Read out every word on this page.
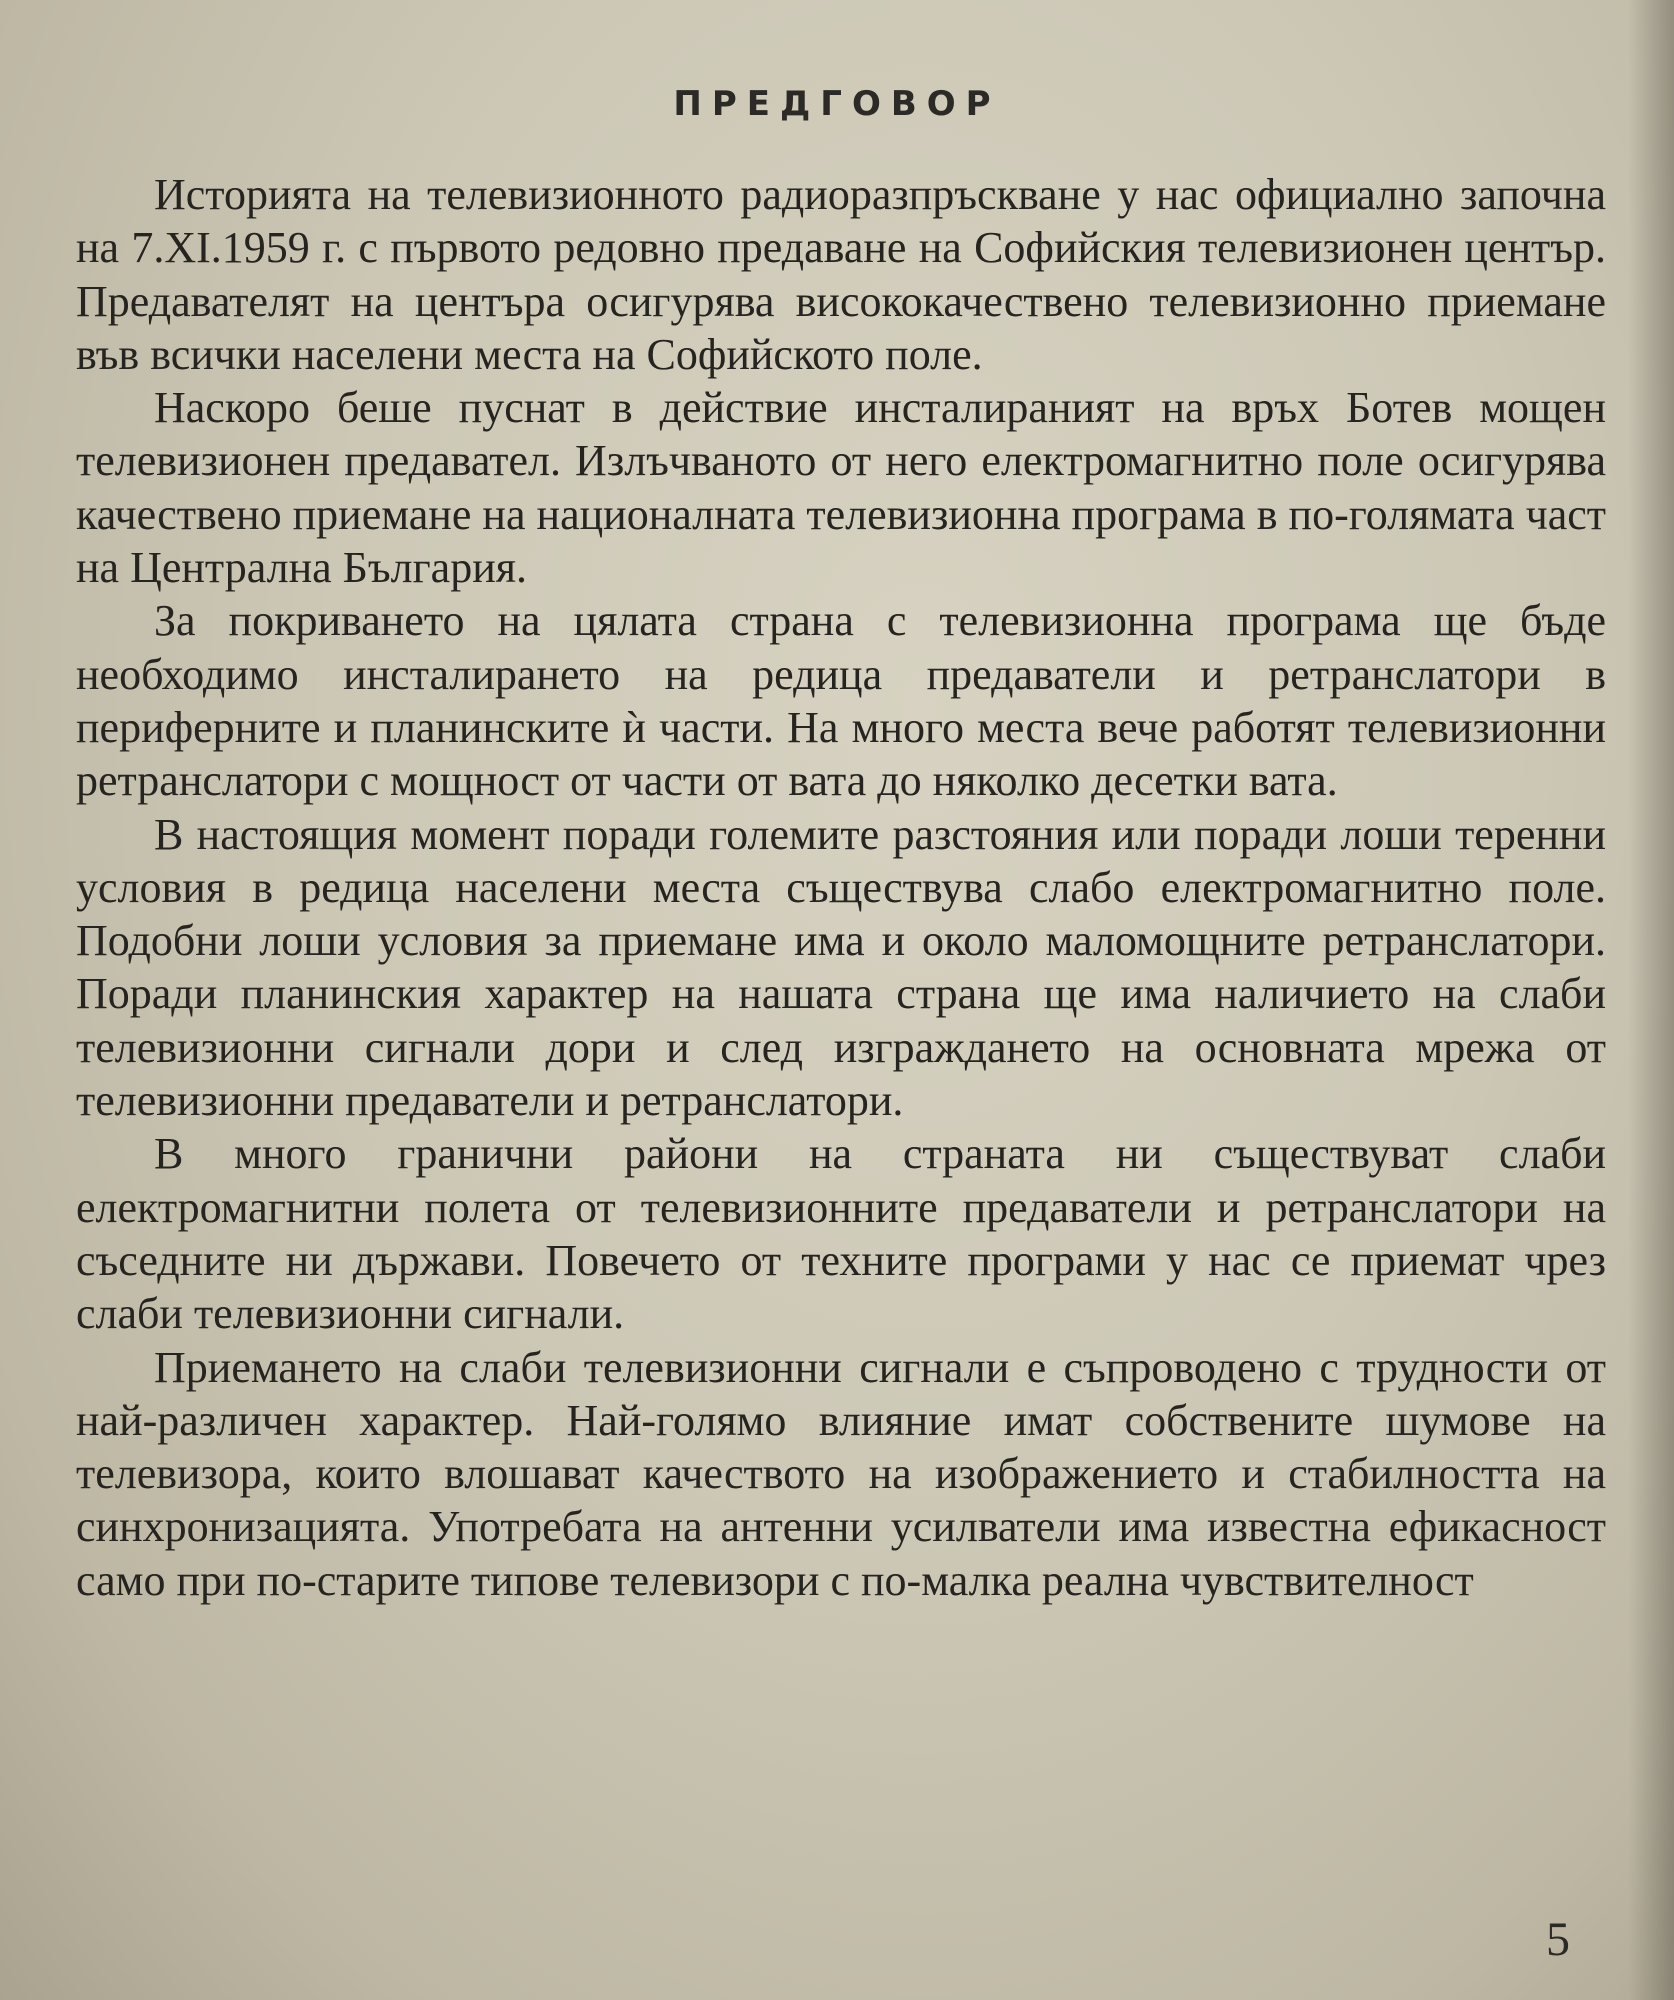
ПРЕДГОВОР

Историята на телевизионното радиоразпръскване у нас официално започна на 7.XI.1959 г. с първото редовно предаване на Софийския телевизионен център. Предавателят на центъра осигурява висококачествено телевизионно приемане във всички населени места на Софийското поле.

Наскоро беше пуснат в действие инсталираният на връх Ботев мощен телевизионен предавател. Излъчваното от него електромагнитно поле осигурява качествено приемане на националната телевизионна програма в по-голямата част на Централна България.

За покриването на цялата страна с телевизионна програма ще бъде необходимо инсталирането на редица предаватели и ретранслатори в периферните и планинските ѝ части. На много места вече работят телевизионни ретранслатори с мощност от части от вата до няколко десетки вата.

В настоящия момент поради големите разстояния или поради лоши теренни условия в редица населени места съществува слабо електромагнитно поле. Подобни лоши условия за приемане има и около маломощните ретранслатори. Поради планинския характер на нашата страна ще има наличието на слаби телевизионни сигнали дори и след изграждането на основната мрежа от телевизионни предаватели и ретранслатори.

В много гранични райони на страната ни съществуват слаби електромагнитни полета от телевизионните предаватели и ретранслатори на съседните ни държави. Повечето от техните програми у нас се приемат чрез слаби телевизионни сигнали.

Приемането на слаби телевизионни сигнали е съпроводено с трудности от най-различен характер. Най-голямо влияние имат собствените шумове на телевизора, които влошават качеството на изображението и стабилността на синхронизацията. Употребата на антенни усилватели има известна ефикасност само при по-старите типове телевизори с по-малка реална чувствителност

5
